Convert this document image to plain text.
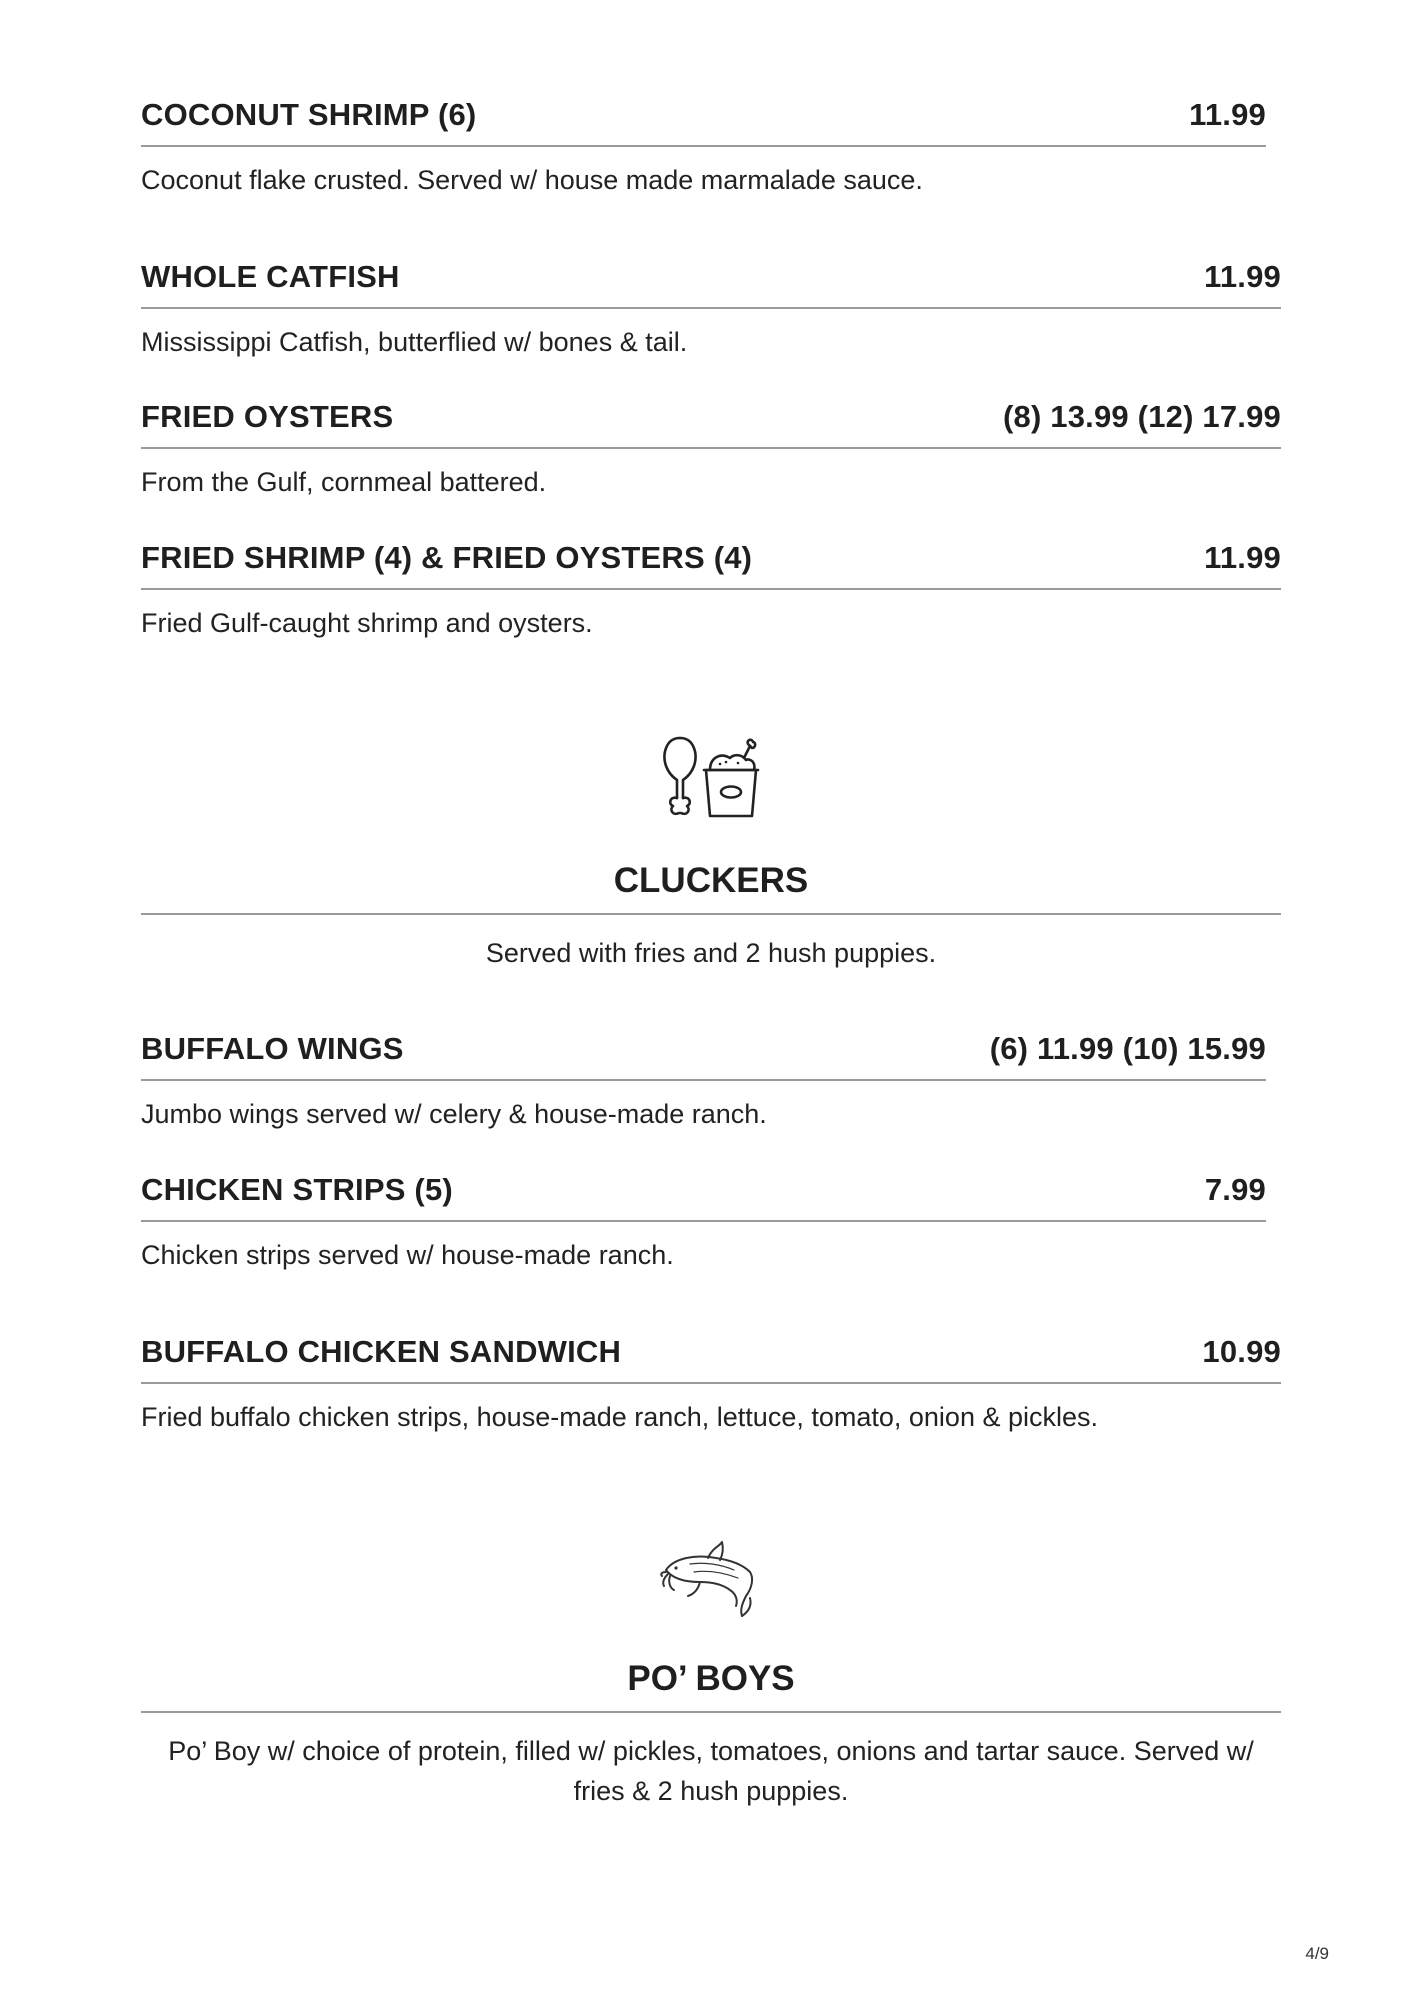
COCONUT SHRIMP (6)	11.99
Coconut flake crusted. Served w/ house made marmalade sauce.
WHOLE CATFISH	11.99
Mississippi Catfish, butterflied w/ bones & tail.
FRIED OYSTERS	(8) 13.99 (12) 17.99
From the Gulf, cornmeal battered.
FRIED SHRIMP (4) & FRIED OYSTERS (4)	11.99
Fried Gulf-caught shrimp and oysters.
CLUCKERS
Served with fries and 2 hush puppies.
BUFFALO WINGS	(6) 11.99 (10) 15.99
Jumbo wings served w/ celery & house-made ranch.
CHICKEN STRIPS (5)	7.99
Chicken strips served w/ house-made ranch.
BUFFALO CHICKEN SANDWICH	10.99
Fried buffalo chicken strips, house-made ranch, lettuce, tomato, onion & pickles.
PO’ BOYS
Po’ Boy w/ choice of protein, filled w/ pickles, tomatoes, onions and tartar sauce. Served w/ fries & 2 hush puppies.
4/9
